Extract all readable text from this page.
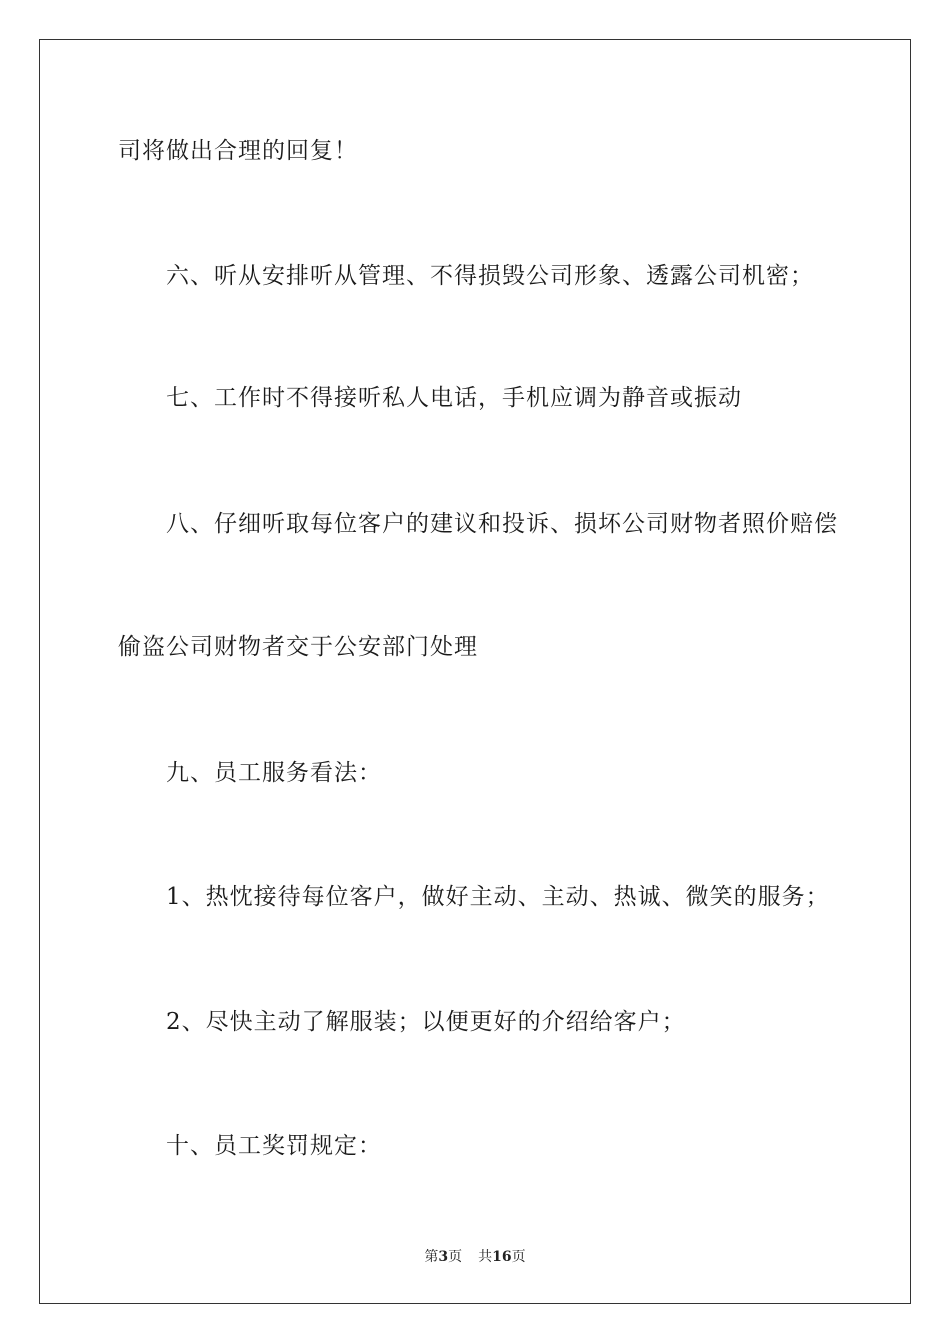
司将做出合理的回复！
六、听从安排听从管理、不得损毁公司形象、透露公司机密；
七、工作时不得接听私人电话，手机应调为静音或振动
八、仔细听取每位客户的建议和投诉、损坏公司财物者照价赔偿
偷盗公司财物者交于公安部门处理
九、员工服务看法：
1、热忱接待每位客户，做好主动、主动、热诚、微笑的服务；
2、尽快主动了解服装；以便更好的介绍给客户；
十、员工奖罚规定：
第3页 共16页
